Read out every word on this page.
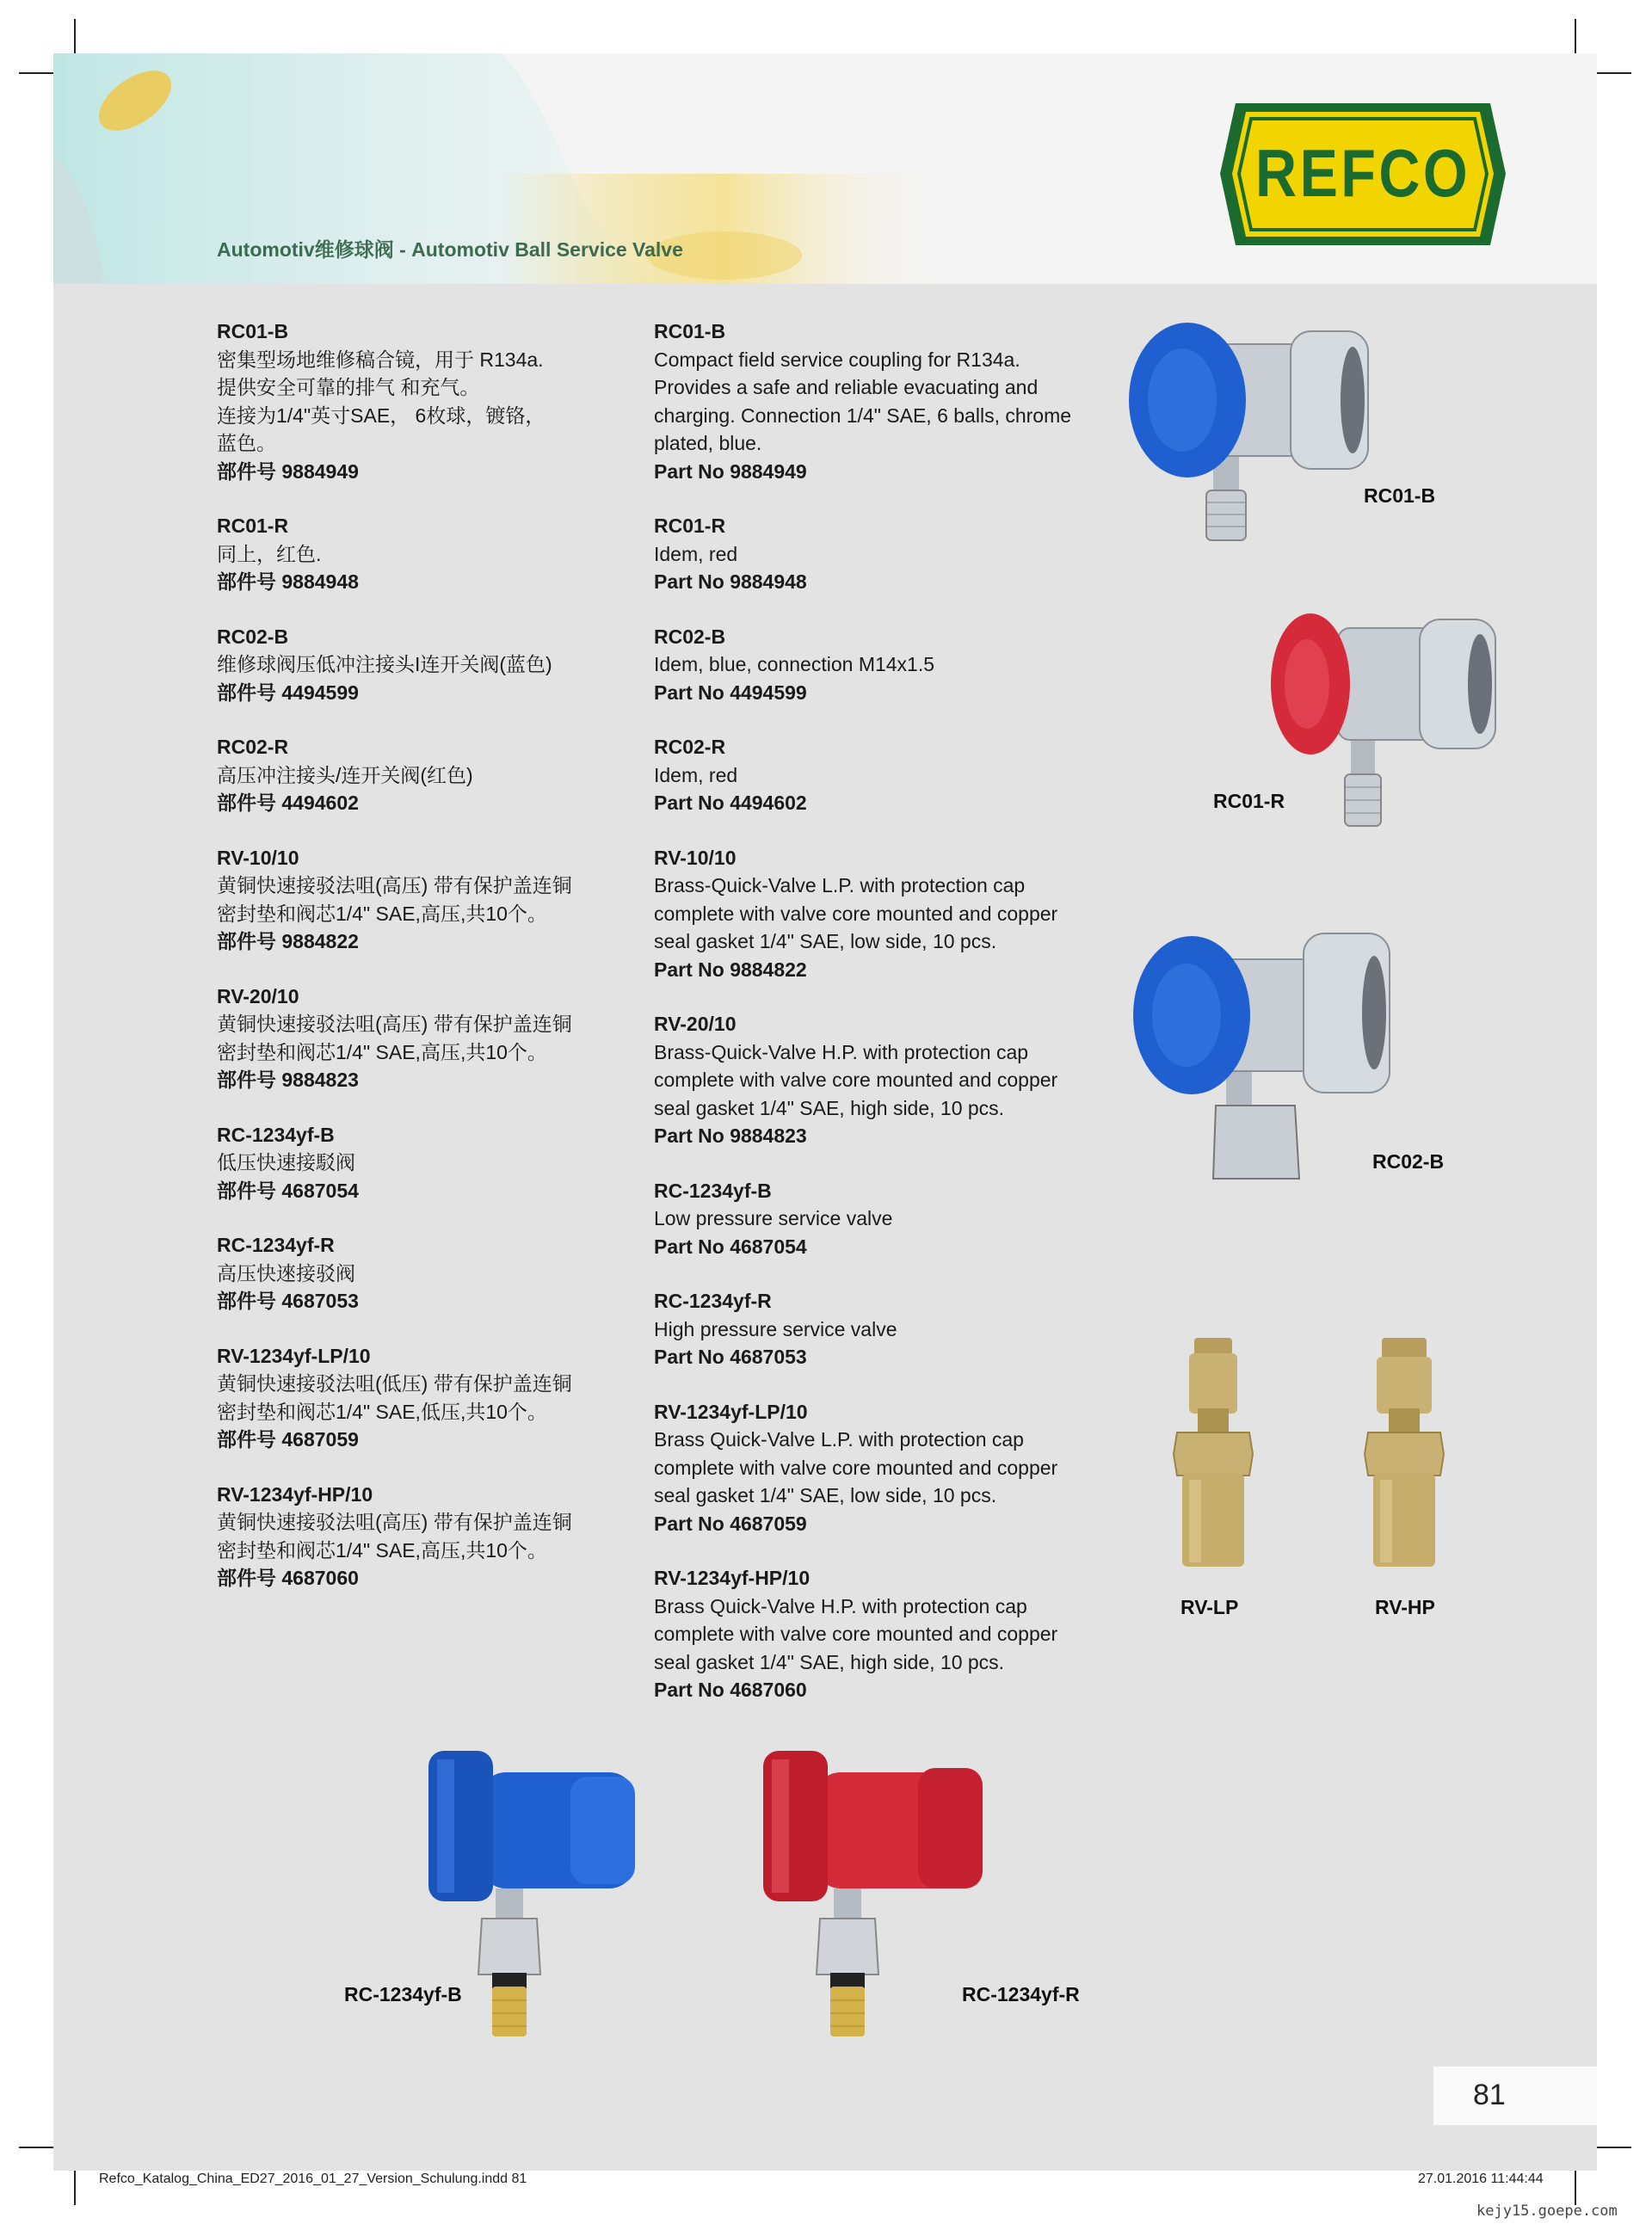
REFCO
Automotiv维修球阀 - Automotiv Ball Service Valve
RC01-B
密集型场地维修稿合镜，用于 R134a.
提供安全可靠的排气 和充气。
连接为1/4"英寸SAE， 6枚球，镀铬，
蓝色。
部件号 9884949
RC01-R
同上，红色.
部件号 9884948
RC02-B
维修球阀压低冲注接头I连开关阀(蓝色)
部件号 4494599
RC02-R
高压冲注接头/连开关阀(红色)
部件号 4494602
RV-10/10
黄铜快速接驳法咀(高压) 带有保护盖连铜
密封垫和阀芯1/4" SAE,高压,共10个。
部件号 9884822
RV-20/10
黄铜快速接驳法咀(高压) 带有保护盖连铜
密封垫和阀芯1/4" SAE,高压,共10个。
部件号 9884823
RC-1234yf-B
低压快速接駁阀
部件号 4687054
RC-1234yf-R
高压快逨接驳阀
部件号 4687053
RV-1234yf-LP/10
黄铜快速接驳法咀(低压) 带有保护盖连铜
密封垫和阀芯1/4" SAE,低压,共10个。
部件号 4687059
RV-1234yf-HP/10
黄铜快速接驳法咀(高压) 带有保护盖连铜
密封垫和阀芯1/4" SAE,高压,共10个。
部件号 4687060
RC01-B
Compact field service coupling for R134a.
Provides a safe and reliable evacuating and
charging. Connection 1/4" SAE, 6 balls, chrome
plated, blue.
Part No 9884949
RC01-R
Idem, red
Part No 9884948
RC02-B
Idem, blue, connection M14x1.5
Part No 4494599
RC02-R
Idem, red
Part No 4494602
RV-10/10
Brass-Quick-Valve L.P. with protection cap
complete with valve core mounted and copper
seal gasket 1/4" SAE, low side, 10 pcs.
Part No 9884822
RV-20/10
Brass-Quick-Valve H.P. with protection cap
complete with valve core mounted and copper
seal gasket 1/4" SAE, high side, 10 pcs.
Part No 9884823
RC-1234yf-B
Low pressure service valve
Part No 4687054
RC-1234yf-R
High pressure service valve
Part No 4687053
RV-1234yf-LP/10
Brass Quick-Valve L.P. with protection cap
complete with valve core mounted and copper
seal gasket 1/4" SAE, low side, 10 pcs.
Part No 4687059
RV-1234yf-HP/10
Brass Quick-Valve H.P. with protection cap
complete with valve core mounted and copper
seal gasket 1/4" SAE, high side, 10 pcs.
Part No 4687060
RC01-B
RC01-R
RC02-B
RV-LP	RV-HP
RC-1234yf-B	RC-1234yf-R
81
Refco_Katalog_China_ED27_2016_01_27_Version_Schulung.indd 81	27.01.2016 11:44:44
kejy15.goepe.com
